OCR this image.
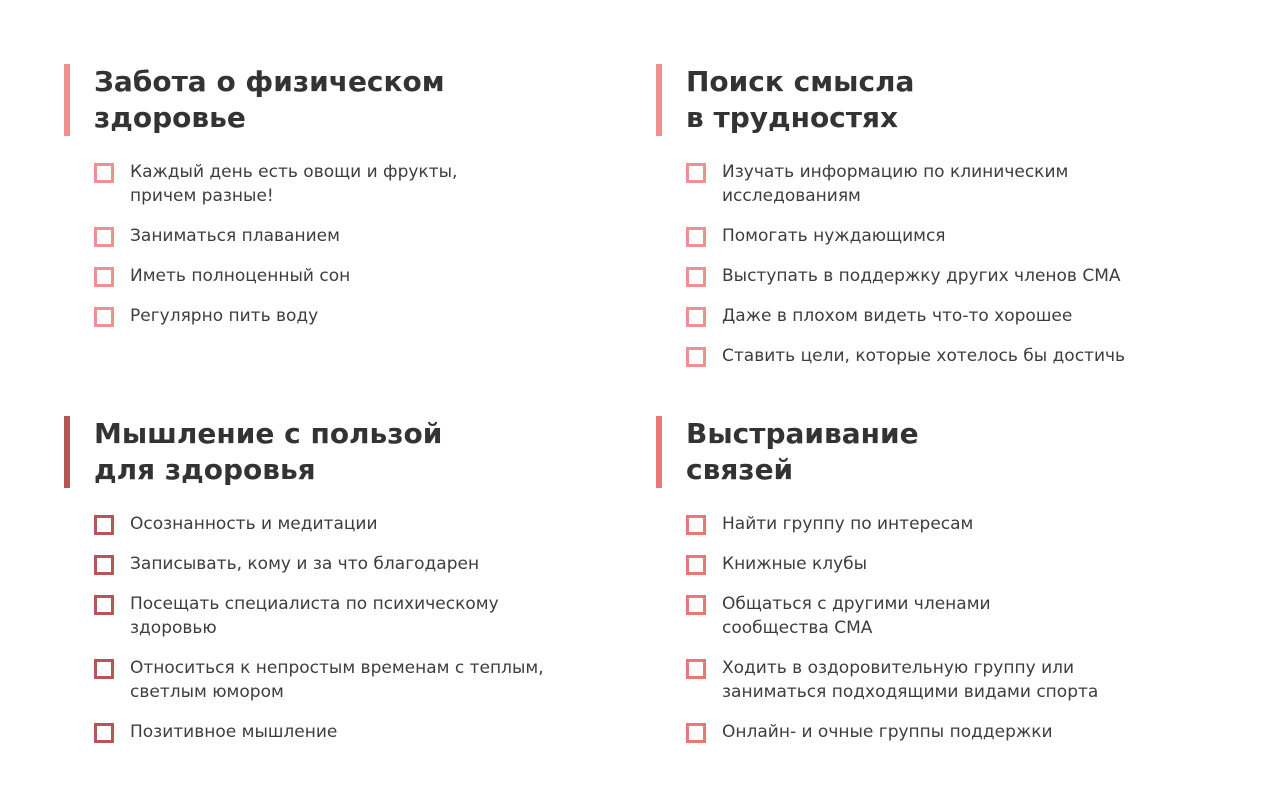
Забота о физическом
здоровье
Каждый день есть овощи и фрукты,
причем разные!
Заниматься плаванием
Иметь полноценный сон
Регулярно пить воду
Поиск смысла
в трудностях
Изучать информацию по клиническим
исследованиям
Помогать нуждающимся
Выступать в поддержку других членов СМА
Даже в плохом видеть что-то хорошее
Ставить цели, которые хотелось бы достичь
Мышление с пользой
для здоровья
Осознанность и медитации
Записывать, кому и за что благодарен
Посещать специалиста по психическому
здоровью
Относиться к непростым временам с теплым,
светлым юмором
Позитивное мышление
Выстраивание
связей
Найти группу по интересам
Книжные клубы
Общаться с другими членами
сообщества СМА
Ходить в оздоровительную группу или
заниматься подходящими видами спорта
Онлайн- и очные группы поддержки
